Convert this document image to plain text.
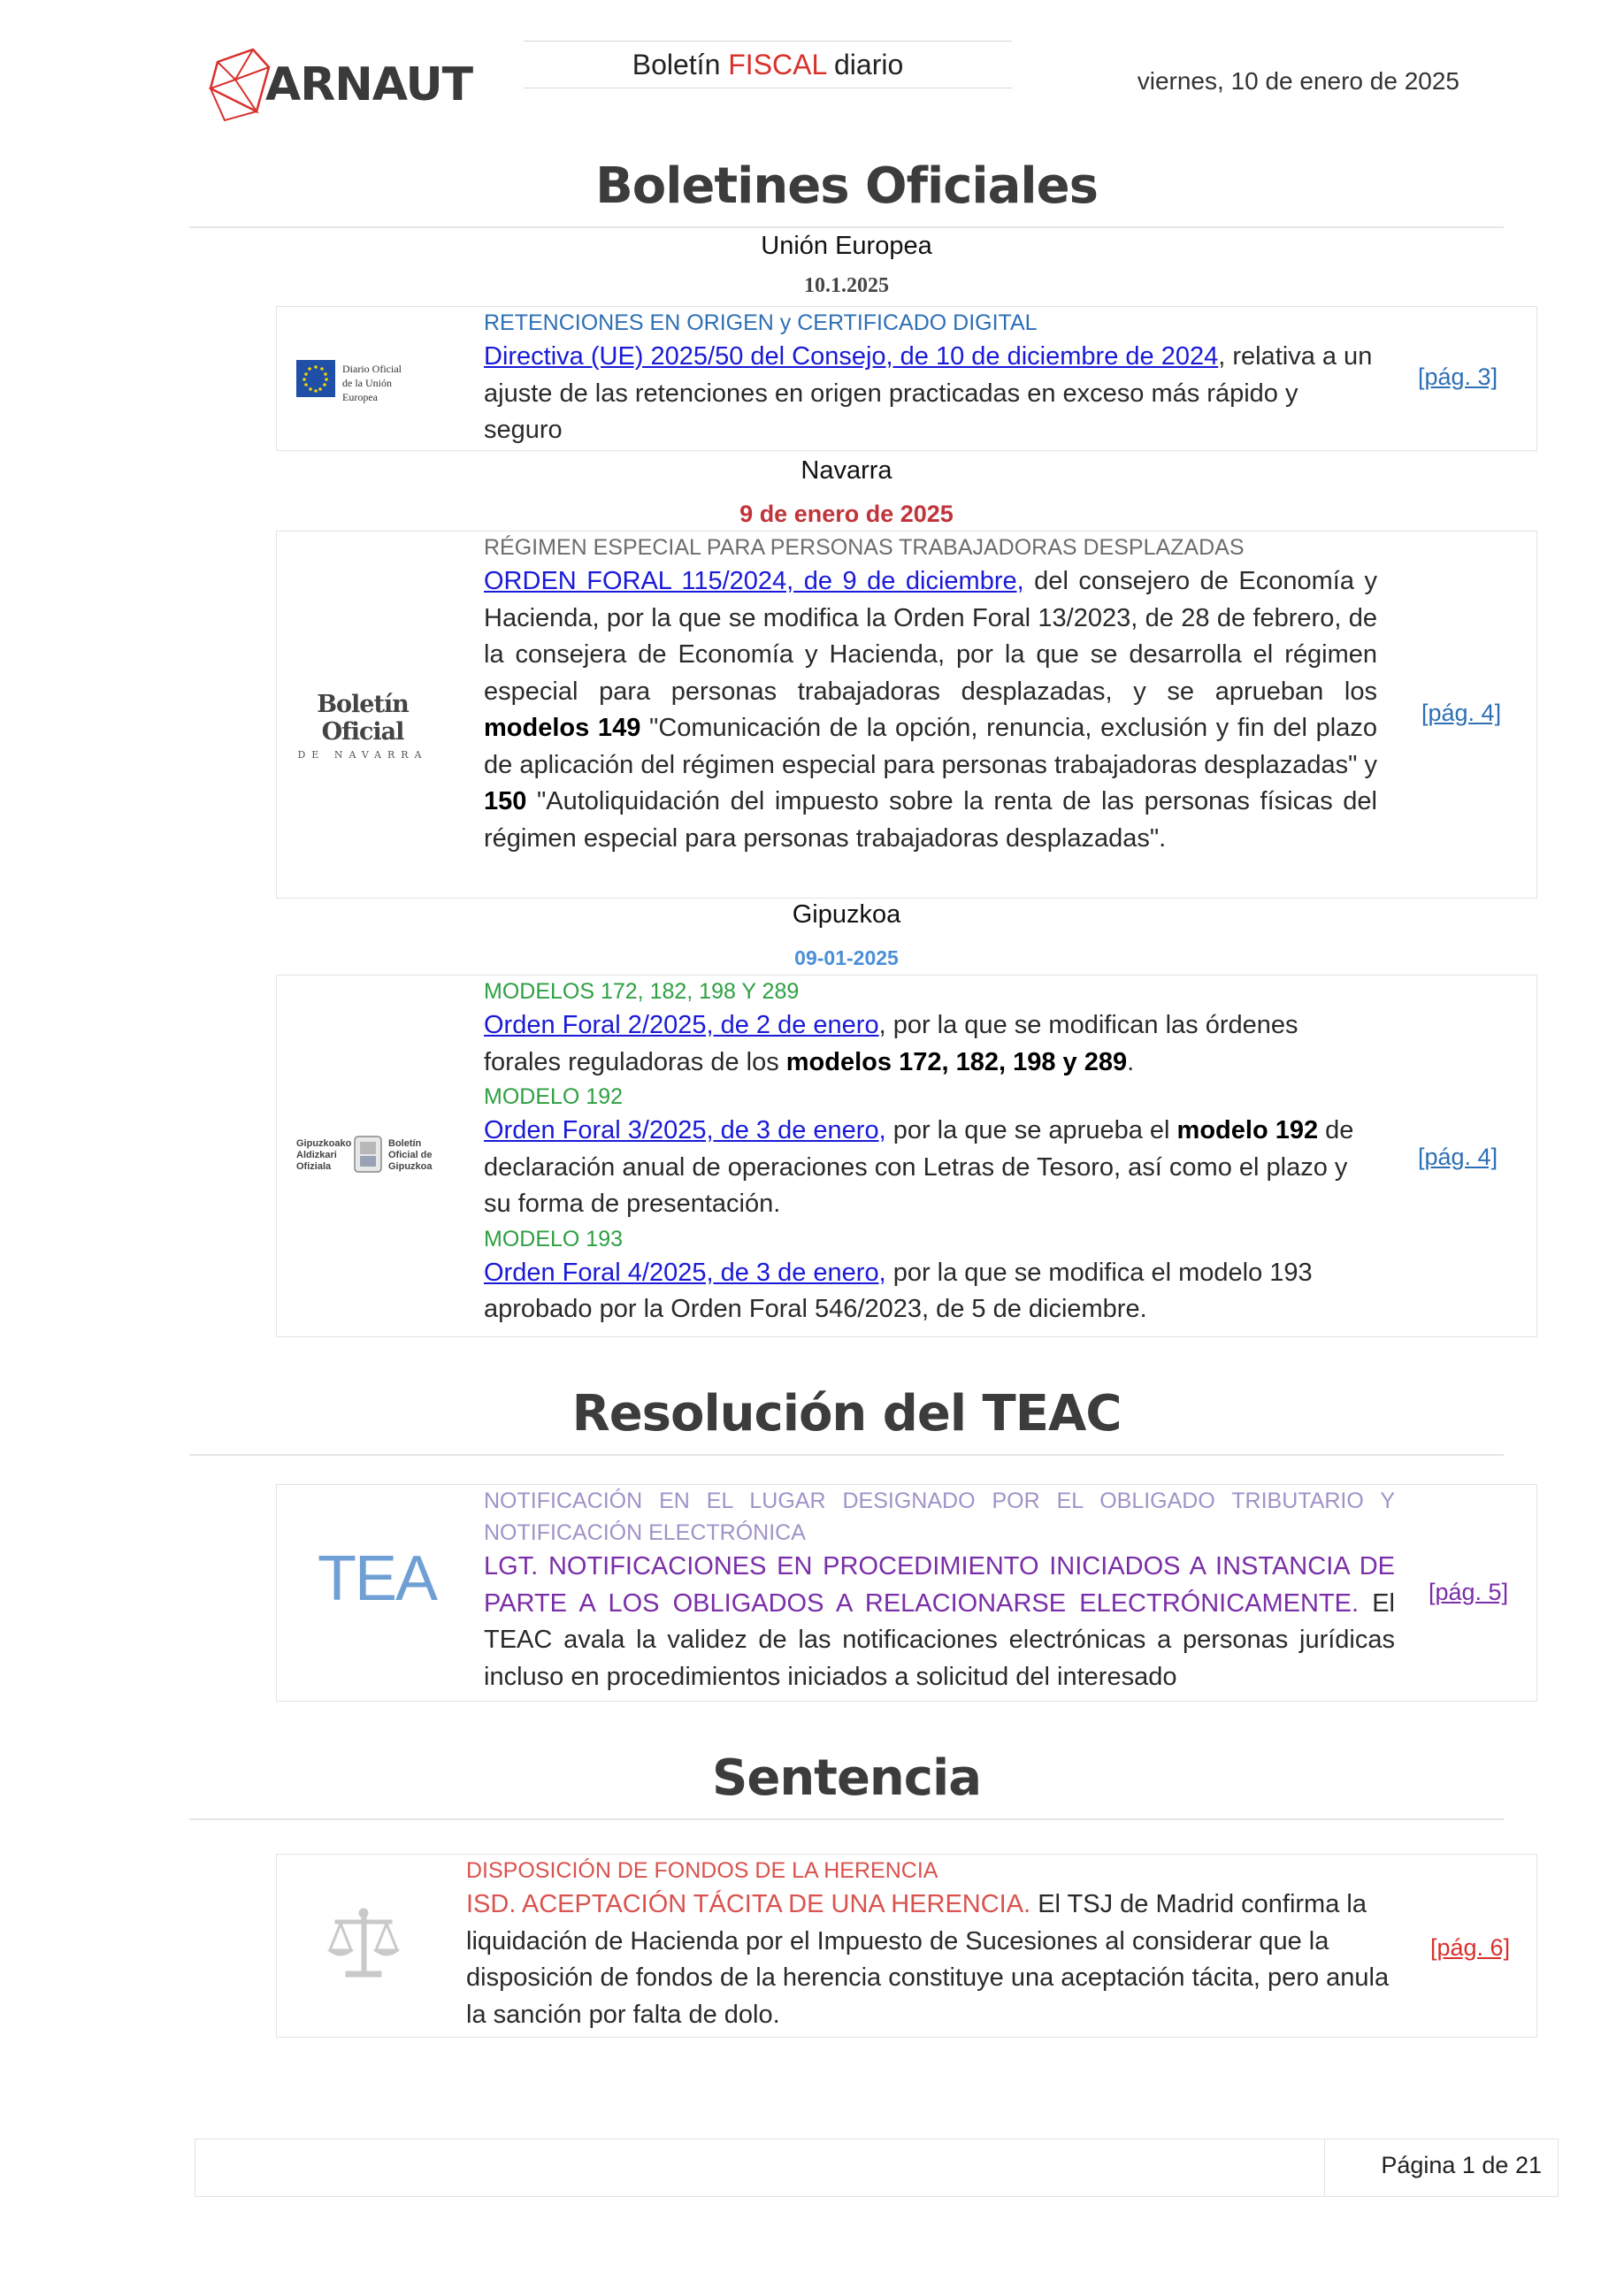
ARNAUT	Boletín FISCAL diario
viernes, 10 de enero de 2025
Boletines Oficiales
Unión Europea
10.1.2025
Diario Oficial
de la Unión Europea
RETENCIONES EN ORIGEN y CERTIFICADO DIGITAL
Directiva (UE) 2025/50 del Consejo, de 10 de diciembre de 2024, relativa a un ajuste de las retenciones en origen practicadas en exceso más rápido y seguro
[pág. 3]
Navarra
9 de enero de 2025
Boletín Oficial
DE NAVARRA
RÉGIMEN ESPECIAL PARA PERSONAS TRABAJADORAS DESPLAZADAS
ORDEN FORAL 115/2024, de 9 de diciembre, del consejero de Economía y Hacienda, por la que se modifica la Orden Foral 13/2023, de 28 de febrero, de la consejera de Economía y Hacienda, por la que se desarrolla el régimen especial para personas trabajadoras desplazadas, y se aprueban los modelos 149 "Comunicación de la opción, renuncia, exclusión y fin del plazo de aplicación del régimen especial para personas trabajadoras desplazadas" y 150 "Autoliquidación del impuesto sobre la renta de las personas físicas del régimen especial para personas trabajadoras desplazadas".
[pág. 4]
Gipuzkoa
09-01-2025
Gipuzkoako
Aldizkari
Ofiziala
Boletín
Oficial de
Gipuzkoa
MODELOS 172, 182, 198 Y 289
Orden Foral 2/2025, de 2 de enero, por la que se modifican las órdenes forales reguladoras de los modelos 172, 182, 198 y 289.
MODELO 192
Orden Foral 3/2025, de 3 de enero, por la que se aprueba el modelo 192 de declaración anual de operaciones con Letras de Tesoro, así como el plazo y su forma de presentación.
MODELO 193
Orden Foral 4/2025, de 3 de enero, por la que se modifica el modelo 193 aprobado por la Orden Foral 546/2023, de 5 de diciembre.
[pág. 4]
Resolución del TEAC
TEA
NOTIFICACIÓN EN EL LUGAR DESIGNADO POR EL OBLIGADO TRIBUTARIO Y NOTIFICACIÓN ELECTRÓNICA
LGT. NOTIFICACIONES EN PROCEDIMIENTO INICIADOS A INSTANCIA DE PARTE A LOS OBLIGADOS A RELACIONARSE ELECTRÓNICAMENTE. El TEAC avala la validez de las notificaciones electrónicas a personas jurídicas incluso en procedimientos iniciados a solicitud del interesado
[pág. 5]
Sentencia
DISPOSICIÓN DE FONDOS DE LA HERENCIA
ISD. ACEPTACIÓN TÁCITA DE UNA HERENCIA. El TSJ de Madrid confirma la liquidación de Hacienda por el Impuesto de Sucesiones al considerar que la disposición de fondos de la herencia constituye una aceptación tácita, pero anula la sanción por falta de dolo.
[pág. 6]
Página 1 de 21
